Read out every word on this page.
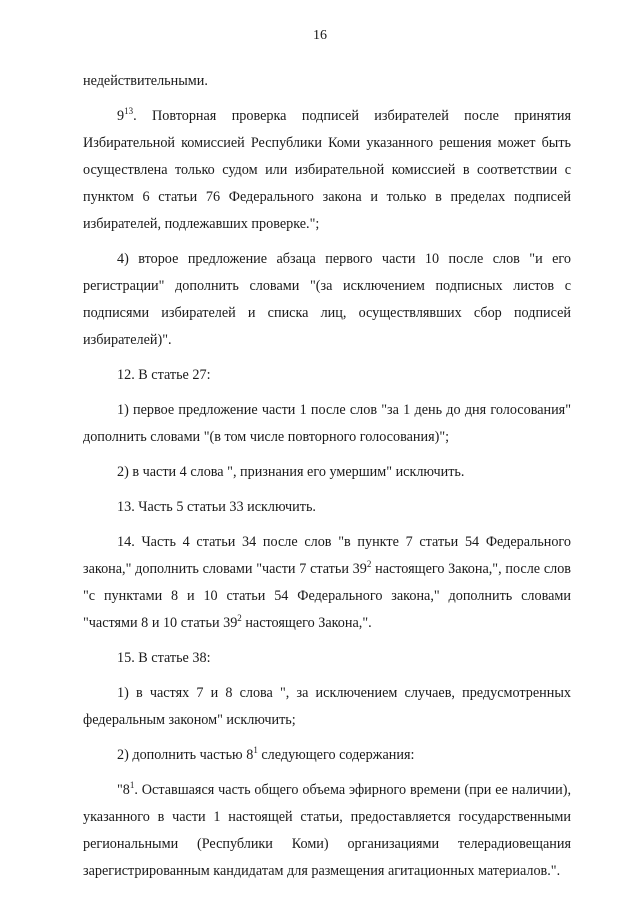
16

недействительными.

$9^{13}$. Повторная проверка подписей избирателей после принятия Избирательной комиссией Республики Коми указанного решения может быть осуществлена только судом или избирательной комиссией в соответствии с пунктом 6 статьи 76 Федерального закона и только в пределах подписей избирателей, подлежавших проверке.";

4) второе предложение абзаца первого части 10 после слов "и его регистрации" дополнить словами "(за исключением подписных листов с подписями избирателей и списка лиц, осуществлявших сбор подписей избирателей)".

12. В статье 27:

1) первое предложение части 1 после слов "за 1 день до дня голосования" дополнить словами "(в том числе повторного голосования)";

2) в части 4 слова ", признания его умершим" исключить.

13. Часть 5 статьи 33 исключить.

14. Часть 4 статьи 34 после слов "в пункте 7 статьи 54 Федерального закона," дополнить словами "части 7 статьи $39^2$ настоящего Закона,", после слов "с пунктами 8 и 10 статьи 54 Федерального закона," дополнить словами "частями 8 и 10 статьи $39^2$ настоящего Закона,".

15. В статье 38:

1) в частях 7 и 8 слова ", за исключением случаев, предусмотренных федеральным законом" исключить;

2) дополнить частью $8^1$ следующего содержания:

"$8^1$. Оставшаяся часть общего объема эфирного времени (при ее наличии), указанного в части 1 настоящей статьи, предоставляется государственными региональными (Республики Коми) организациями телерадиовещания зарегистрированным кандидатам для размещения агитационных материалов.".
